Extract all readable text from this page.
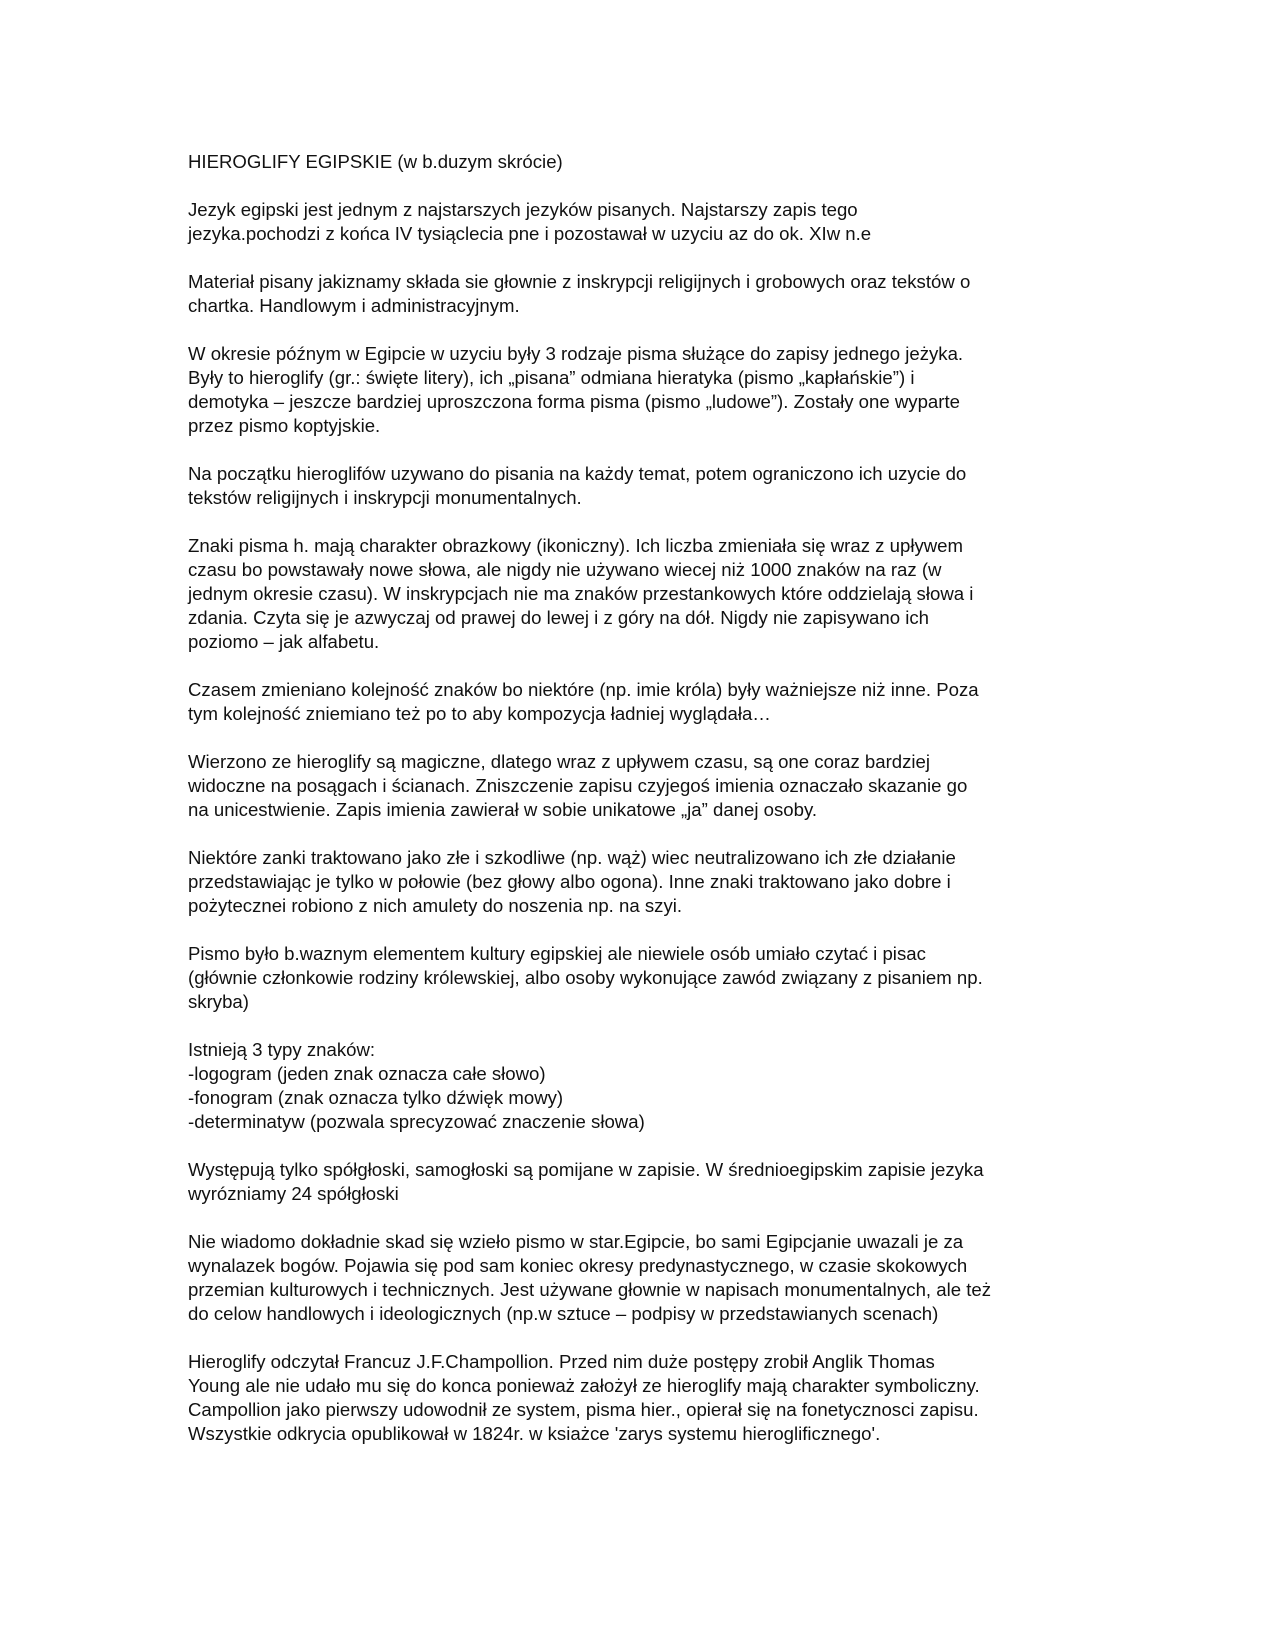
HIEROGLIFY EGIPSKIE (w b.duzym skrócie)
Jezyk egipski jest jednym z najstarszych jezyków pisanych. Najstarszy zapis tego
jezyka.pochodzi z końca IV tysiąclecia pne i pozostawał w uzyciu az do ok. XIw n.e
Materiał pisany jakiznamy składa sie głownie z inskrypcji religijnych i grobowych oraz tekstów o
chartka. Handlowym i administracyjnym.
W okresie późnym w Egipcie w uzyciu były 3 rodzaje pisma służące do zapisy jednego jeżyka.
Były to hieroglify (gr.: święte litery), ich „pisana” odmiana hieratyka (pismo „kapłańskie”) i
demotyka – jeszcze bardziej uproszczona forma pisma (pismo „ludowe”). Zostały one wyparte
przez pismo koptyjskie.
Na początku hieroglifów uzywano do pisania na każdy temat, potem ograniczono ich uzycie do
tekstów religijnych i inskrypcji monumentalnych.
Znaki pisma h. mają charakter obrazkowy (ikoniczny). Ich liczba zmieniała się wraz z upływem
czasu bo powstawały nowe słowa, ale nigdy nie używano wiecej niż 1000 znaków na raz (w
jednym okresie czasu). W inskrypcjach nie ma znaków przestankowych które oddzielają słowa i
zdania. Czyta się je azwyczaj od prawej do lewej i z góry na dół. Nigdy nie zapisywano ich
poziomo – jak alfabetu.
Czasem zmieniano kolejność znaków bo niektóre (np. imie króla) były ważniejsze niż inne. Poza
tym kolejność zniemiano też po to aby kompozycja ładniej wyglądała…
Wierzono ze hieroglify są magiczne, dlatego wraz z upływem czasu, są one coraz bardziej
widoczne na posągach i ścianach. Zniszczenie zapisu czyjegoś imienia oznaczało skazanie go
na unicestwienie. Zapis imienia zawierał w sobie unikatowe „ja” danej osoby.
Niektóre zanki traktowano jako złe i szkodliwe (np. wąż) wiec neutralizowano ich złe działanie
przedstawiając je tylko w połowie (bez głowy albo ogona). Inne znaki traktowano jako dobre i
pożytecznei robiono z nich amulety do noszenia np. na szyi.
Pismo było b.waznym elementem kultury egipskiej ale niewiele osób umiało czytać i pisac
(głównie członkowie rodziny królewskiej, albo osoby wykonujące zawód związany z pisaniem np.
skryba)
Istnieją 3 typy znaków:
-logogram (jeden znak oznacza całe słowo)
-fonogram (znak oznacza tylko dźwięk mowy)
-determinatyw (pozwala sprecyzować znaczenie słowa)
Występują tylko spółgłoski, samogłoski są pomijane w zapisie. W średnioegipskim zapisie jezyka
wyrózniamy 24 spółgłoski
Nie wiadomo dokładnie skad się wzieło pismo w star.Egipcie, bo sami Egipcjanie uwazali je za
wynalazek bogów. Pojawia się pod sam koniec okresy predynastycznego, w czasie skokowych
przemian kulturowych i technicznych. Jest używane głownie w napisach monumentalnych, ale też
do celow handlowych i ideologicznych (np.w sztuce – podpisy w przedstawianych scenach)
Hieroglify odczytał Francuz J.F.Champollion. Przed nim duże postępy zrobił Anglik Thomas
Young ale nie udało mu się do konca ponieważ założył ze hieroglify mają charakter symboliczny.
Campollion jako pierwszy udowodnił ze system, pisma hier., opierał się na fonetycznosci zapisu.
Wszystkie odkrycia opublikował w 1824r. w ksiażce 'zarys systemu hieroglificznego'.
